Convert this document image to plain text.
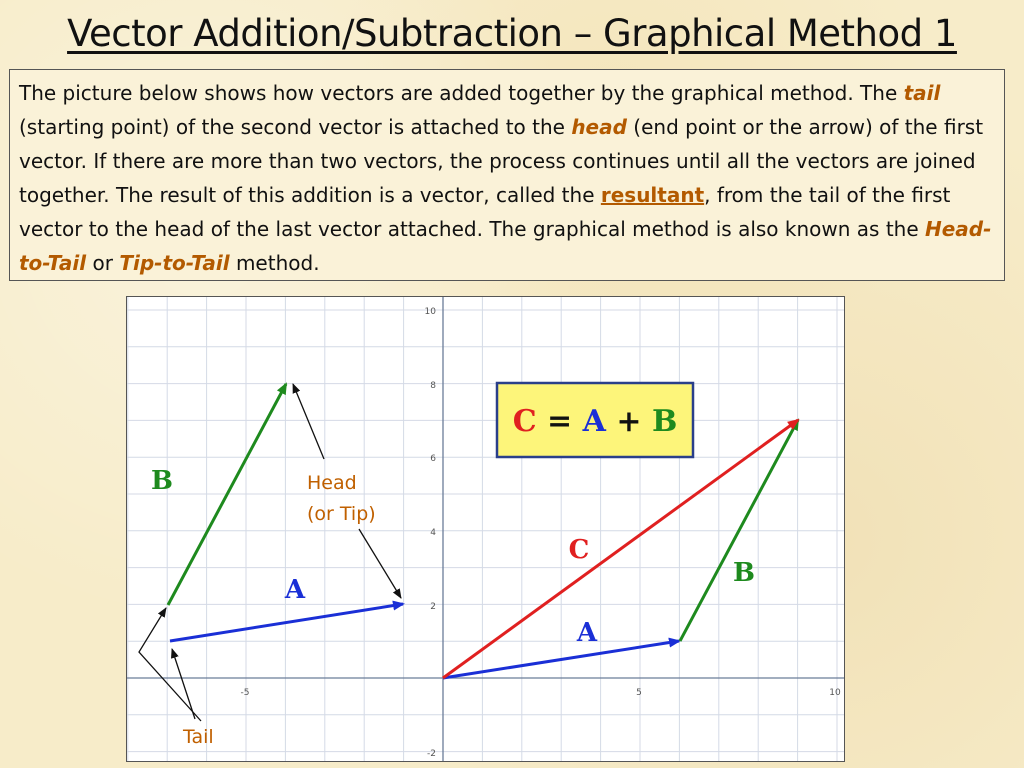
Vector Addition/Subtraction – Graphical Method 1
The picture below shows how vectors are added together by the graphical method. The tail (starting point) of the second vector is attached to the head (end point or the arrow) of the first vector. If there are more than two vectors, the process continues until all the vectors are joined together. The result of this addition is a vector, called the resultant, from the tail of the first vector to the head of the last vector attached. The graphical method is also known as the Head-to-Tail or Tip-to-Tail method.
-5	5	10
10
8
6
4
2
-2
C = A + B
A
B
A
B
C
Head
(or Tip)
Tail
